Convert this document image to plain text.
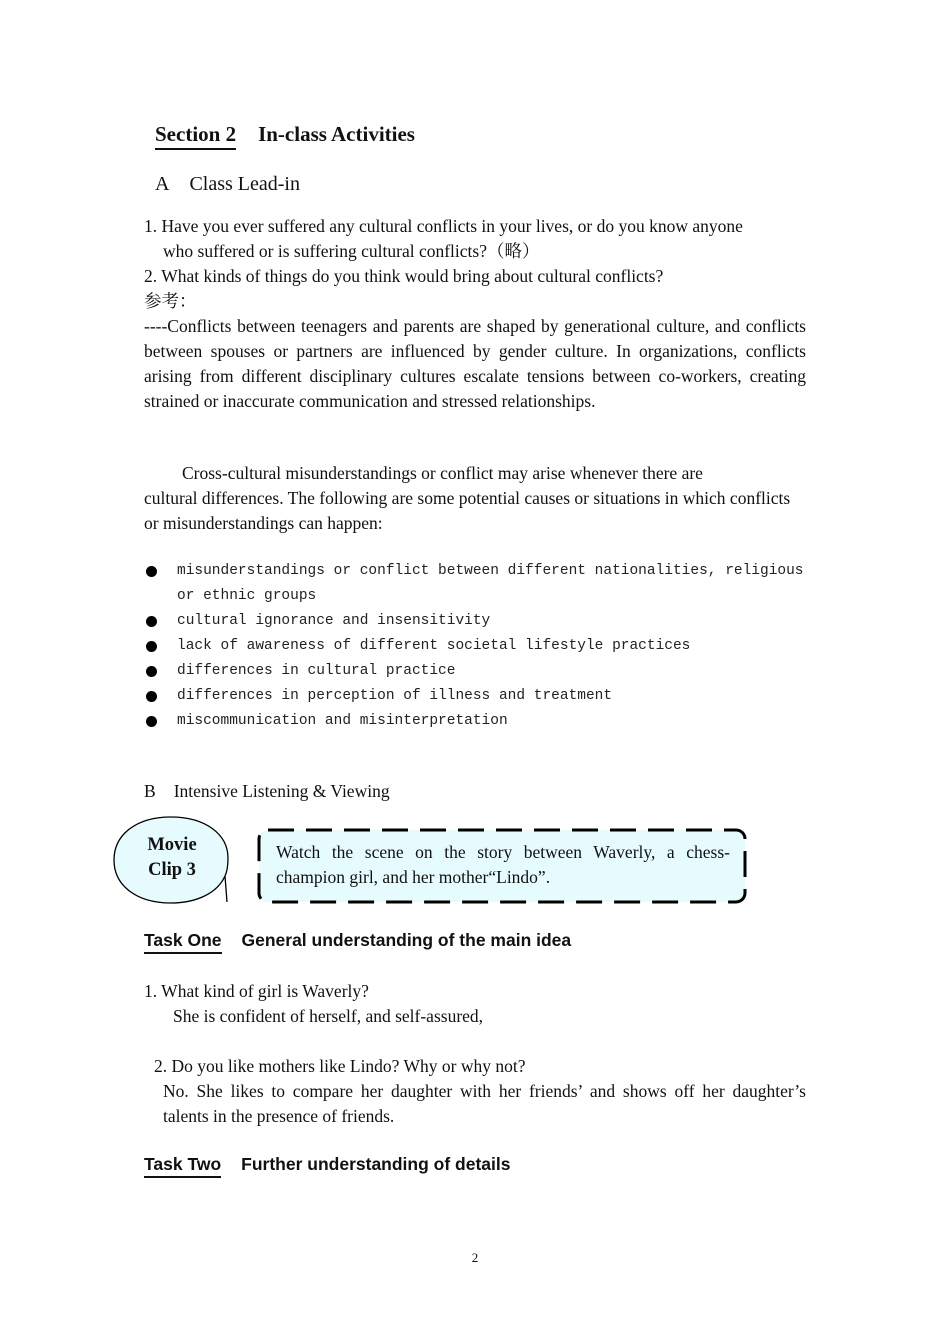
Section 2 In-class Activities
A Class Lead-in
1. Have you ever suffered any cultural conflicts in your lives, or do you know anyone
who suffered or is suffering cultural conflicts?（略）
2. What kinds of things do you think would bring about cultural conflicts?
参考：
----Conflicts between teenagers and parents are shaped by generational culture, and conflicts between spouses or partners are influenced by gender culture. In organizations, conflicts arising from different disciplinary cultures escalate tensions between co-workers, creating strained or inaccurate communication and stressed relationships.
Cross-cultural misunderstandings or conflict may arise whenever there are
cultural differences. The following are some potential causes or situations in which conflicts or misunderstandings can happen:
misunderstandings or conflict between different nationalities, religious or ethnic groups
cultural ignorance and insensitivity
lack of awareness of different societal lifestyle practices
differences in cultural practice
differences in perception of illness and treatment
miscommunication and misinterpretation
B Intensive Listening & Viewing
Movie
Clip 3
Watch the scene on the story between Waverly, a chess-champion girl, and her mother“Lindo”.
Task One General understanding of the main idea
1. What kind of girl is Waverly?
She is confident of herself, and self-assured,
2. Do you like mothers like Lindo? Why or why not?
No. She likes to compare her daughter with her friends’ and shows off her daughter’s talents in the presence of friends.
Task Two Further understanding of details
2
